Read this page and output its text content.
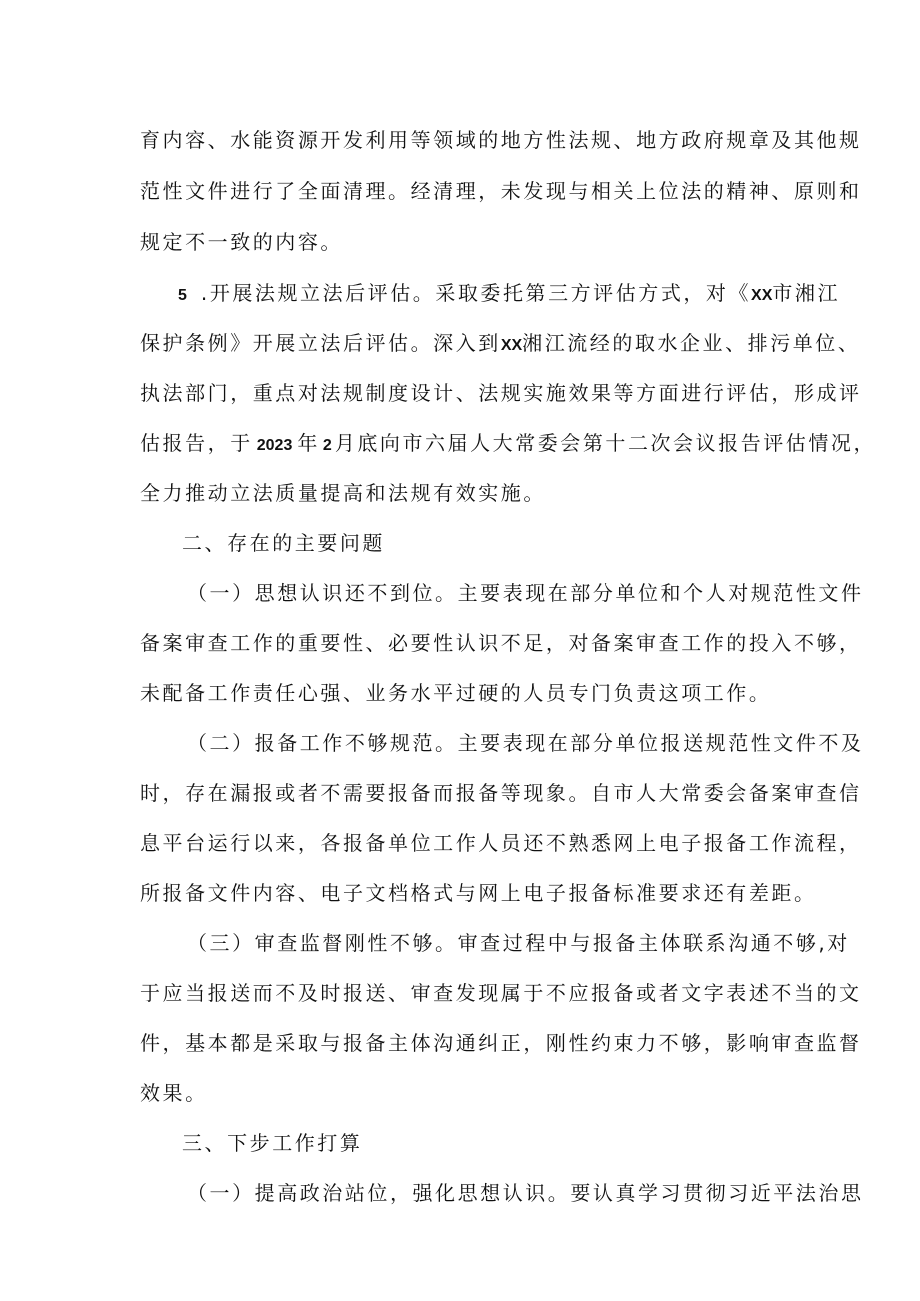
育内容、水能资源开发利用等领域的地方性法规、地方政府规章及其他规

范性文件进行了全面清理。经清理，未发现与相关上位法的精神、原则和

规定不一致的内容。

5 .开展法规立法后评估。采取委托第三方评估方式，对《XX市湘江

保护条例》开展立法后评估。深入到XX湘江流经的取水企业、排污单位、

执法部门，重点对法规制度设计、法规实施效果等方面进行评估，形成评

估报告，于 2023 年 2 月底向市六届人大常委会第十二次会议报告评估情况，

全力推动立法质量提高和法规有效实施。

二、存在的主要问题

（一）思想认识还不到位。主要表现在部分单位和个人对规范性文件

备案审查工作的重要性、必要性认识不足，对备案审查工作的投入不够，

未配备工作责任心强、业务水平过硬的人员专门负责这项工作。

（二）报备工作不够规范。主要表现在部分单位报送规范性文件不及

时，存在漏报或者不需要报备而报备等现象。自市人大常委会备案审查信

息平台运行以来，各报备单位工作人员还不熟悉网上电子报备工作流程，

所报备文件内容、电子文档格式与网上电子报备标准要求还有差距。

（三）审查监督刚性不够。审查过程中与报备主体联系沟通不够,对

于应当报送而不及时报送、审查发现属于不应报备或者文字表述不当的文

件，基本都是采取与报备主体沟通纠正，刚性约束力不够，影响审查监督

效果。

三、下步工作打算

（一）提高政治站位，强化思想认识。要认真学习贯彻习近平法治思
